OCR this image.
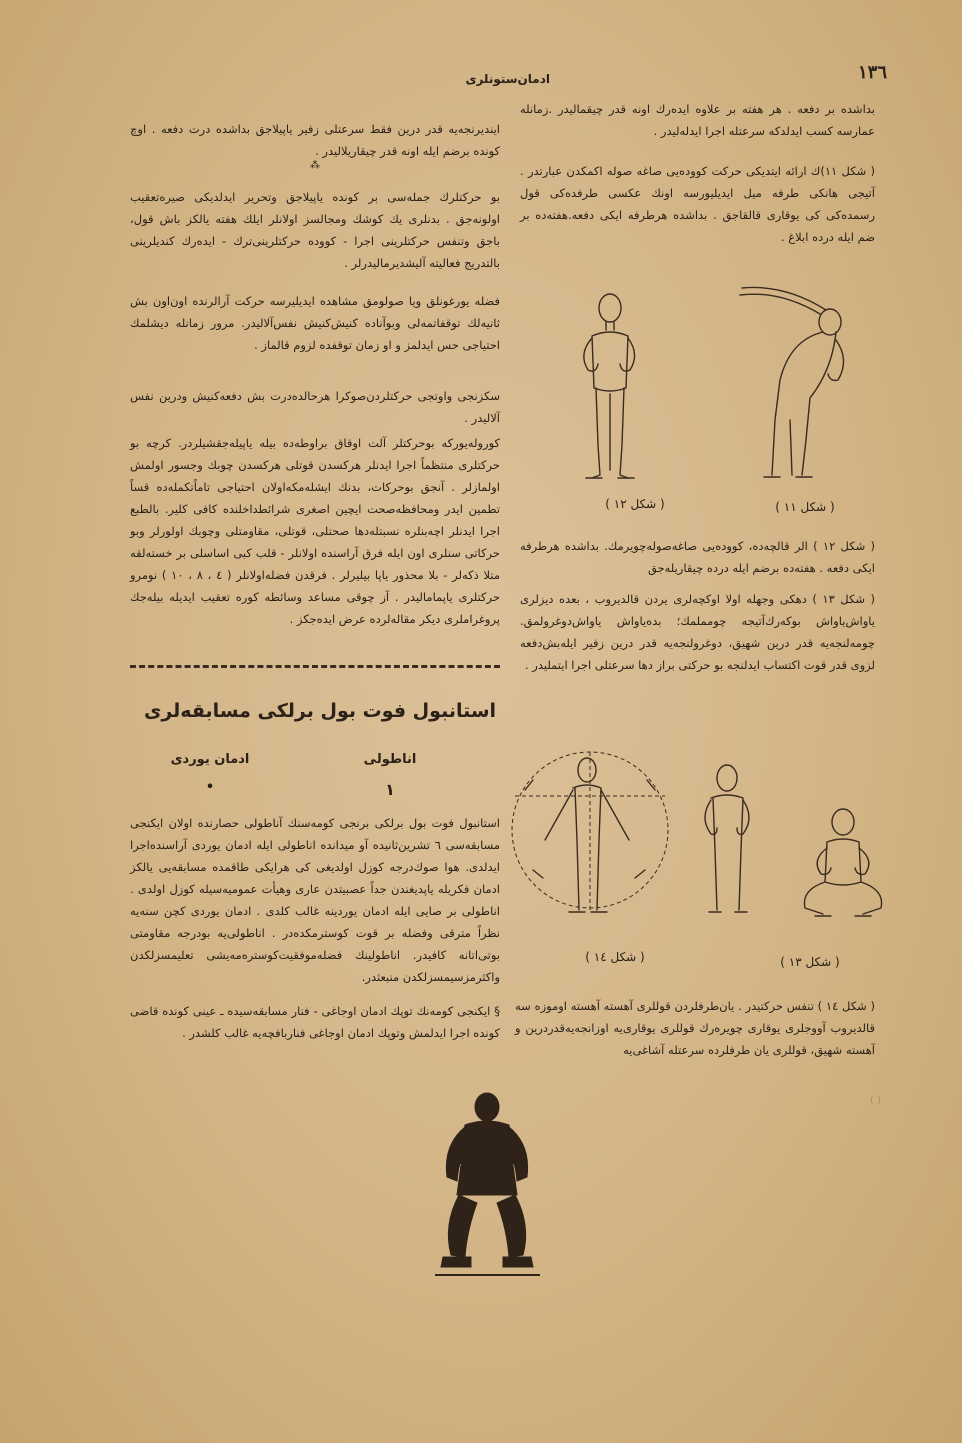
١٣٦
ادمان‌ستونلری
بداشده بر دفعه . هر هفته بر علاوه ایده‌رك اونه قدر چیقمالیدر .زمانله عمارسه کسب ایدلدکه سرعتله اجرا ایدله‌لیدر .
( شکل ١١)ك ارائه ایتدیکی حرکت کووده‌یی صاغه صوله اکمکدن عبارتدر . آتیجی هانکی طرفه میل ایدیلیورسه اونك عکسی طرفده‌کی قول رسمده‌کی کی یوقاری قالقاجق . بداشده هرطرفه ایکی دفعه.هفته‌ده بر ضم ایله درده ابلاغ .
( شکل ١٢ )	( شکل ١١ )
( شکل ١٢ ) الر قالچه‌ده، کووده‌یی صاغه‌صوله‌چویرمك. بداشده هرطرفه ایکی دفعه . هفته‌ده برضم ایله درده چیقاریله‌جق
( شکل ١٣ ) دهکی وجهله اولا اوکچه‌لری یردن قالدیروب ، بعده دیزلری یاواش‌یاواش بوکه‌رك‌آتیجه چومملمك؛ بده‌یاواش یاواش‌دوغرولمق. چومه‌لنجه‌یه قدر درین شهیق، دوغرولنجه‌یه قدر درین زفیر ایله‌بش‌دفعه لزوی قدر قوت اکتساب ایدلنجه بو حرکتی براز دها سرعتلی اجرا ایتملیدر .
( شکل ١٤ )	( شکل ١٣ )
( شکل ١٤ ) تنفس حرکتیدر . یان‌طرفلردن قوللری آهسته آهسته اوموزه سه قالدیروب آووجلری یوقاری چویره‌رك قوللری یوقاری‌یه اوزانجه‌یه‌قدردرین و آهسته شهیق، قوللری یان طرفلرده سرعتله آشاغی‌یه
ایندیرنجه‌یه قدر درین فقط سرعتلی زفیر یاپیلاجق بداشده درت دفعه . اوچ کونده برضم ایله اونه قدر چیقاریلالیدر .
⁂
بو حرکتلرك جمله‌سی بر کونده یاپیلاجق وتحریر ایدلدیکی صیره‌تعقیب اولونه‌جق . بدنلری یك کوشك ومجالسز اولانلر ایلك هفته یالکز باش قول، باجق وتنفس حرکتلرینی اجرا - کووده حرکتلرینی‌ترك - ایده‌رك کندیلرینی بالتدریج فعالیته آلیشدیرمالیدرلر .
فضله یورغونلق ویا صولومق مشاهده ایدیلیرسه حرکت آرالرنده اون‌اون بش ثانیه‌لك توقفاتمه‌لی وبوآناده کنیش‌کنیش نفس‌آلالیدر. مرور زمانله دیشلمك احتیاجی حس ایدلمز و او زمان توقفده لزوم قالماز .
سکزنجی واوتجی حرکتلردن‌صوکرا هرحالده‌درت بش دفعه‌کنیش ودرین نفس آلالیدر .
کوروله‌یورکه بوحرکتلر آلت اوقاق براوطه‌ده بیله یاپیله‌جقشیلردر. کرچه بو حرکتلری منتظماً اجرا ایدنلر هرکسدن قوتلی هرکسدن چوبك وجسور اولمش اولمازلر . آنجق بوحرکات، بدنك ایشله‌مکه‌اولان احتیاجی تاماًتکمله‌ده قساً تطمین ایدر ومحافظه‌صحت ایچین اصغری شرائطداخلنده کافی کلیر. بالطبع اجرا ایدنلر اچه‌بنلره نسبتله‌دها صحتلی، قوتلی، مقاومتلی وچوبك اولورلر وبو حرکاتی سنلری اون ایله فرق آراسنده اولانلر - قلب کبی اساسلی بر خسته‌لقه متلا ذکه‌لر - بلا محذور یاپا بیلیرلر . فرقدن فضله‌اولانلر ( ٤ ، ٨ ، ١٠ ) نومرو حرکتلری یاپمامالیدر . آز چوقی مساعد وسائطه کوره تعقیب ایدیله بیله‌جك پروغراملری دیکر مقاله‌لرده عرض ایده‌جکز .
استانبول فوت بول برلکی مسابقه‌لری
ادمان یوردی	اناطولی
•	١
استانبول فوت بول برلکی برنجی کومه‌سنك آناطولی حصارنده اولان ایکنجی مسابقه‌سی ٦ تشرین‌ثانیده آو میدانده اناطولی ایله ادمان یوردی آراسنده‌اجرا ایدلدی. هوا صوك‌درجه کوزل اولدیغی کی‌ هرایکی طاقمده مسابقه‌یی یالکز ادمان فکریله یاپدیغندن جداً عصبیتدن عاری وهیأت عمومیه‌سیله کوزل اولدی . اناطولی بر صایی ایله ادمان یوردینه غالب کلدی . ادمان یوردی کچن سنه‌یه نظراً مترقی وفضله بر قوت کوستر‌مکده‌در . اناطولی‌یه بودرجه مقاومتی بوتی‌اتانه کافیدر. اناطولینك فضله‌موفقیت‌کوستره‌مه‌یشی تعلیمسزلکدن واکثرمزسیمسزلکدن منبعثدر.
§ ایکنجی کومه‌نك توپك ادمان اوجاغی - فنار مسابقه‌سیده ـ عینی کونده قاضی کونده اجرا ایدلمش وتوپك ادمان اوجاغی فنار‌بافچه‌یه غالب کلشدر .
( )
